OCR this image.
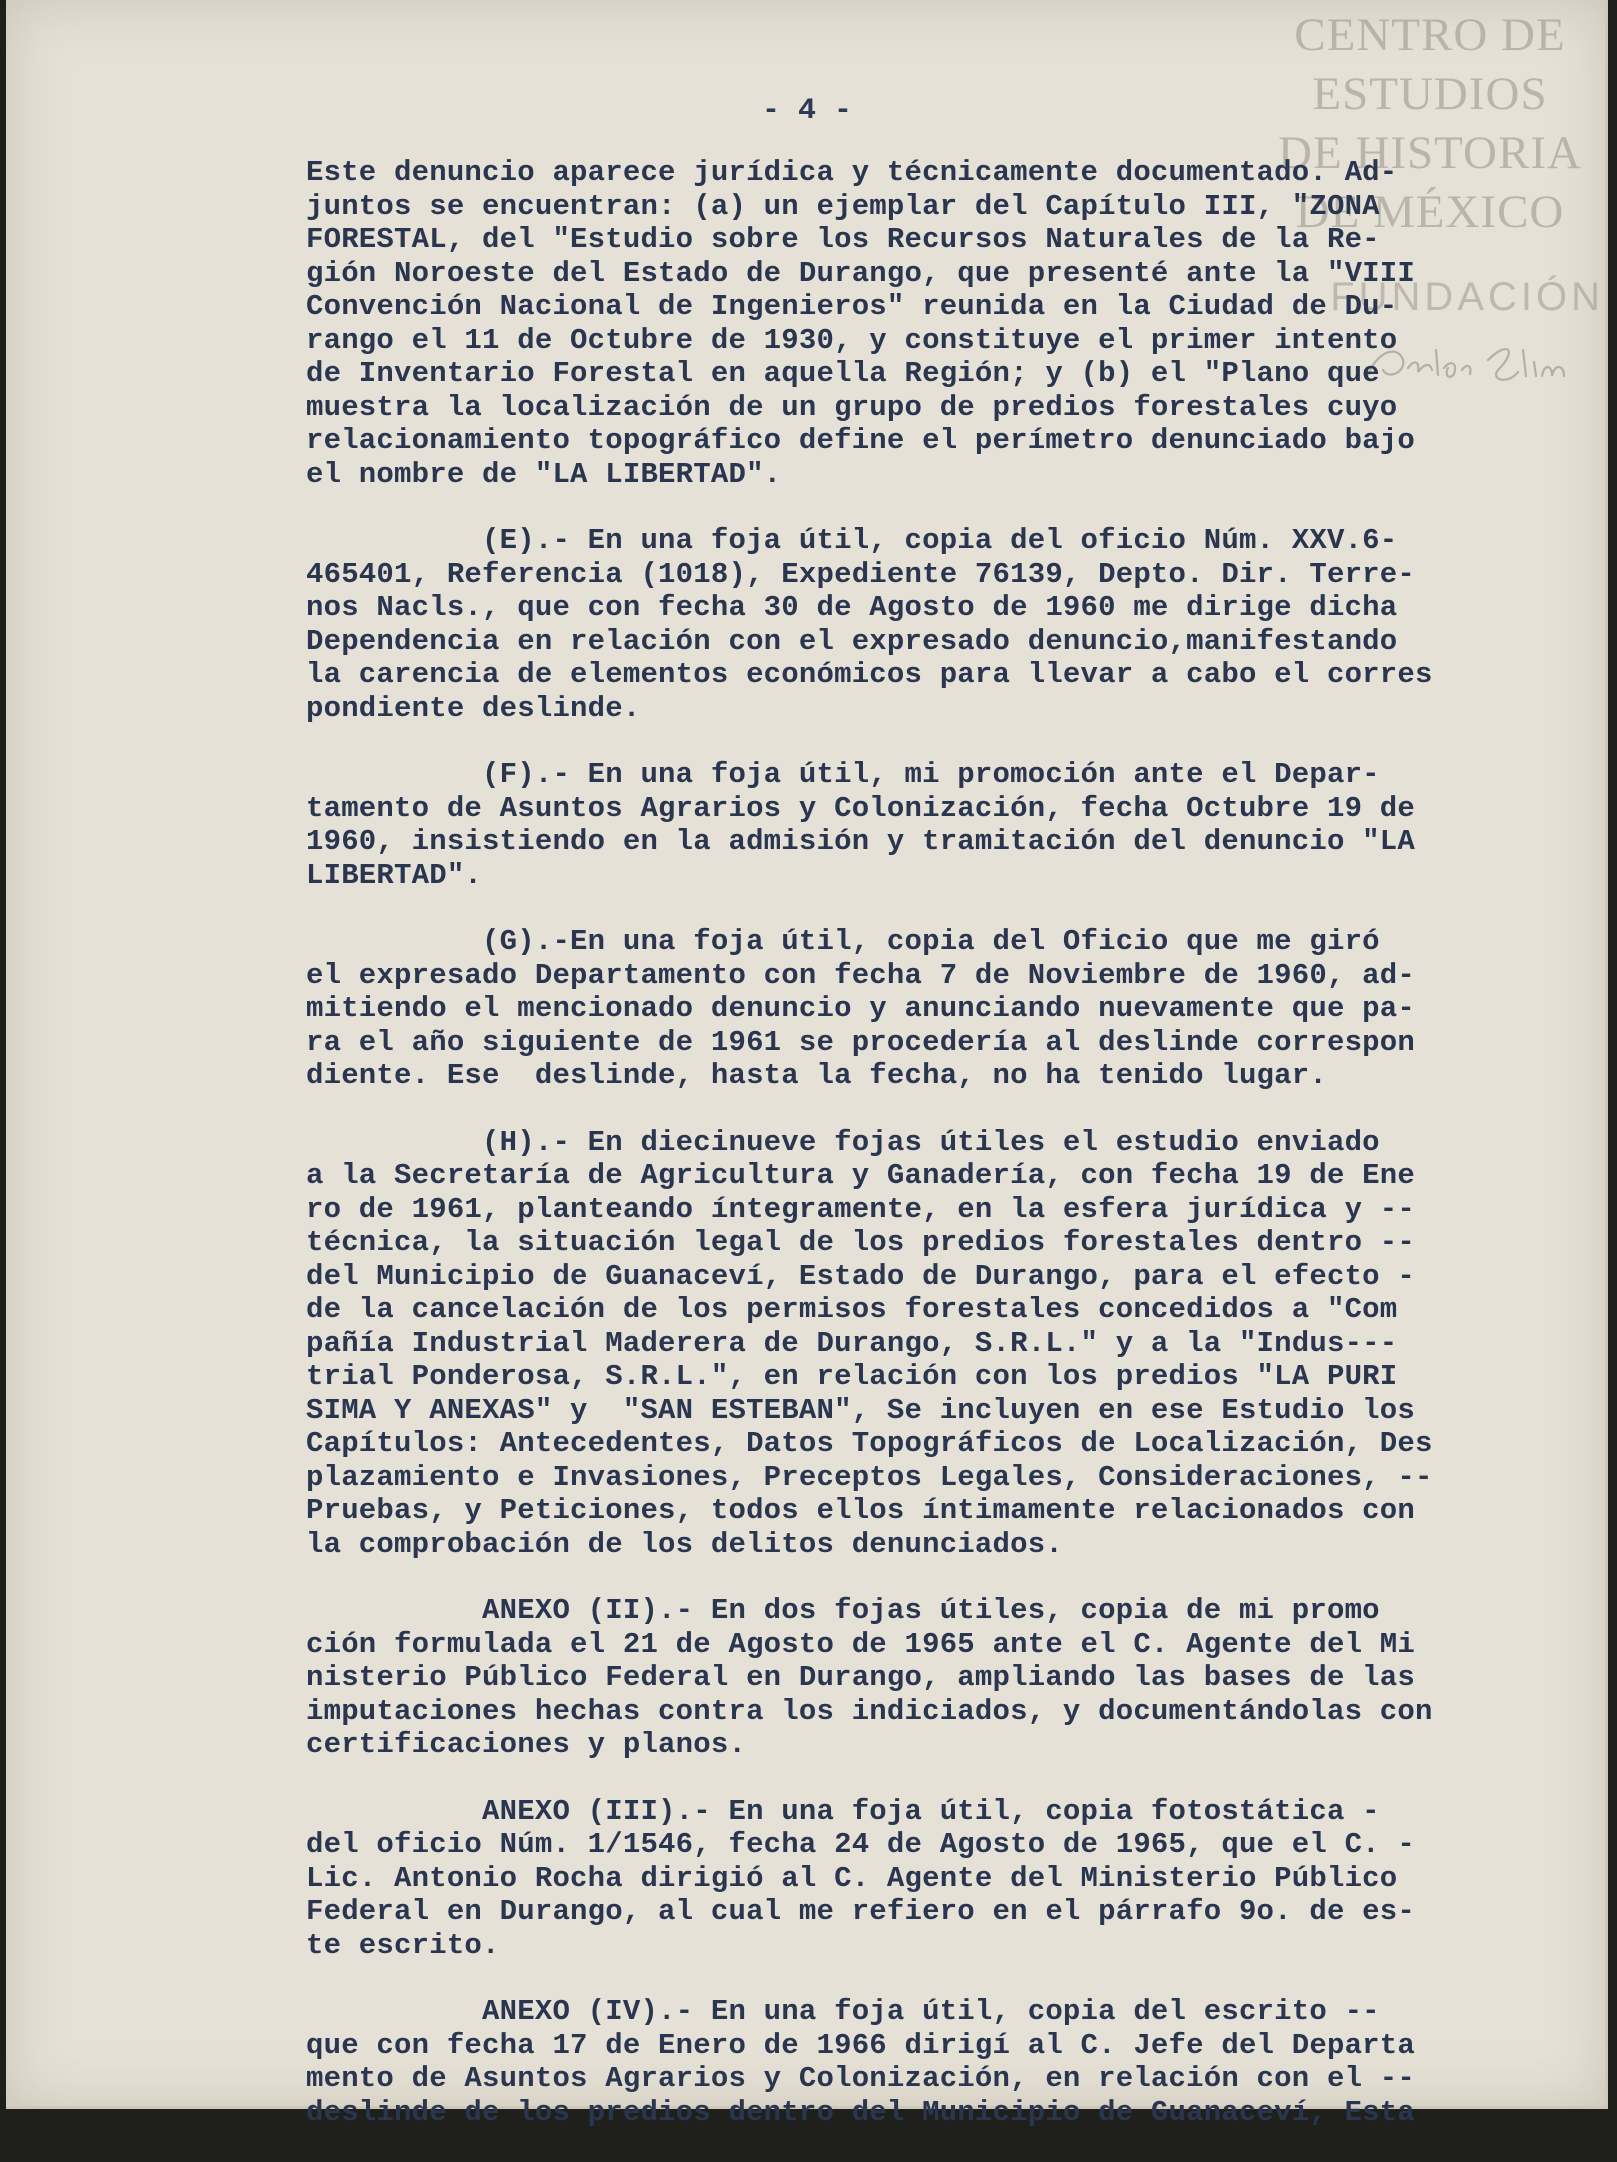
CENTRO DE
ESTUDIOS
DE HISTORIA
DE MÉXICO
FUNDACIÓN
- 4 -
Este denuncio aparece jurídica y técnicamente documentado. Ad-
juntos se encuentran: (a) un ejemplar del Capítulo III, "ZONA
FORESTAL, del "Estudio sobre los Recursos Naturales de la Re-
gión Noroeste del Estado de Durango, que presenté ante la "VIII
Convención Nacional de Ingenieros" reunida en la Ciudad de Du-
rango el 11 de Octubre de 1930, y constituye el primer intento
de Inventario Forestal en aquella Región; y (b) el "Plano que
muestra la localización de un grupo de predios forestales cuyo
relacionamiento topográfico define el perímetro denunciado bajo
el nombre de "LA LIBERTAD".
(E).- En una foja útil, copia del oficio Núm. XXV.6-
465401, Referencia (1018), Expediente 76139, Depto. Dir. Terre-
nos Nacls., que con fecha 30 de Agosto de 1960 me dirige dicha
Dependencia en relación con el expresado denuncio,manifestando
la carencia de elementos económicos para llevar a cabo el corres
pondiente deslinde.
(F).- En una foja útil, mi promoción ante el Depar-
tamento de Asuntos Agrarios y Colonización, fecha Octubre 19 de
1960, insistiendo en la admisión y tramitación del denuncio "LA
LIBERTAD".
(G).-En una foja útil, copia del Oficio que me giró
el expresado Departamento con fecha 7 de Noviembre de 1960, ad-
mitiendo el mencionado denuncio y anunciando nuevamente que pa-
ra el año siguiente de 1961 se procedería al deslinde correspon
diente. Ese  deslinde, hasta la fecha, no ha tenido lugar.
(H).- En diecinueve fojas útiles el estudio enviado
a la Secretaría de Agricultura y Ganadería, con fecha 19 de Ene
ro de 1961, planteando íntegramente, en la esfera jurídica y --
técnica, la situación legal de los predios forestales dentro --
del Municipio de Guanaceví, Estado de Durango, para el efecto -
de la cancelación de los permisos forestales concedidos a "Com
pañía Industrial Maderera de Durango, S.R.L." y a la "Indus---
trial Ponderosa, S.R.L.", en relación con los predios "LA PURI
SIMA Y ANEXAS" y  "SAN ESTEBAN", Se incluyen en ese Estudio los
Capítulos: Antecedentes, Datos Topográficos de Localización, Des
plazamiento e Invasiones, Preceptos Legales, Consideraciones, --
Pruebas, y Peticiones, todos ellos íntimamente relacionados con
la comprobación de los delitos denunciados.
ANEXO (II).- En dos fojas útiles, copia de mi promo
ción formulada el 21 de Agosto de 1965 ante el C. Agente del Mi
nisterio Público Federal en Durango, ampliando las bases de las
imputaciones hechas contra los indiciados, y documentándolas con
certificaciones y planos.
ANEXO (III).- En una foja útil, copia fotostática -
del oficio Núm. 1/1546, fecha 24 de Agosto de 1965, que el C. -
Lic. Antonio Rocha dirigió al C. Agente del Ministerio Público
Federal en Durango, al cual me refiero en el párrafo 9o. de es-
te escrito.
ANEXO (IV).- En una foja útil, copia del escrito --
que con fecha 17 de Enero de 1966 dirigí al C. Jefe del Departa
mento de Asuntos Agrarios y Colonización, en relación con el --
deslinde de los predios dentro del Municipio de Guanaceví, Esta
